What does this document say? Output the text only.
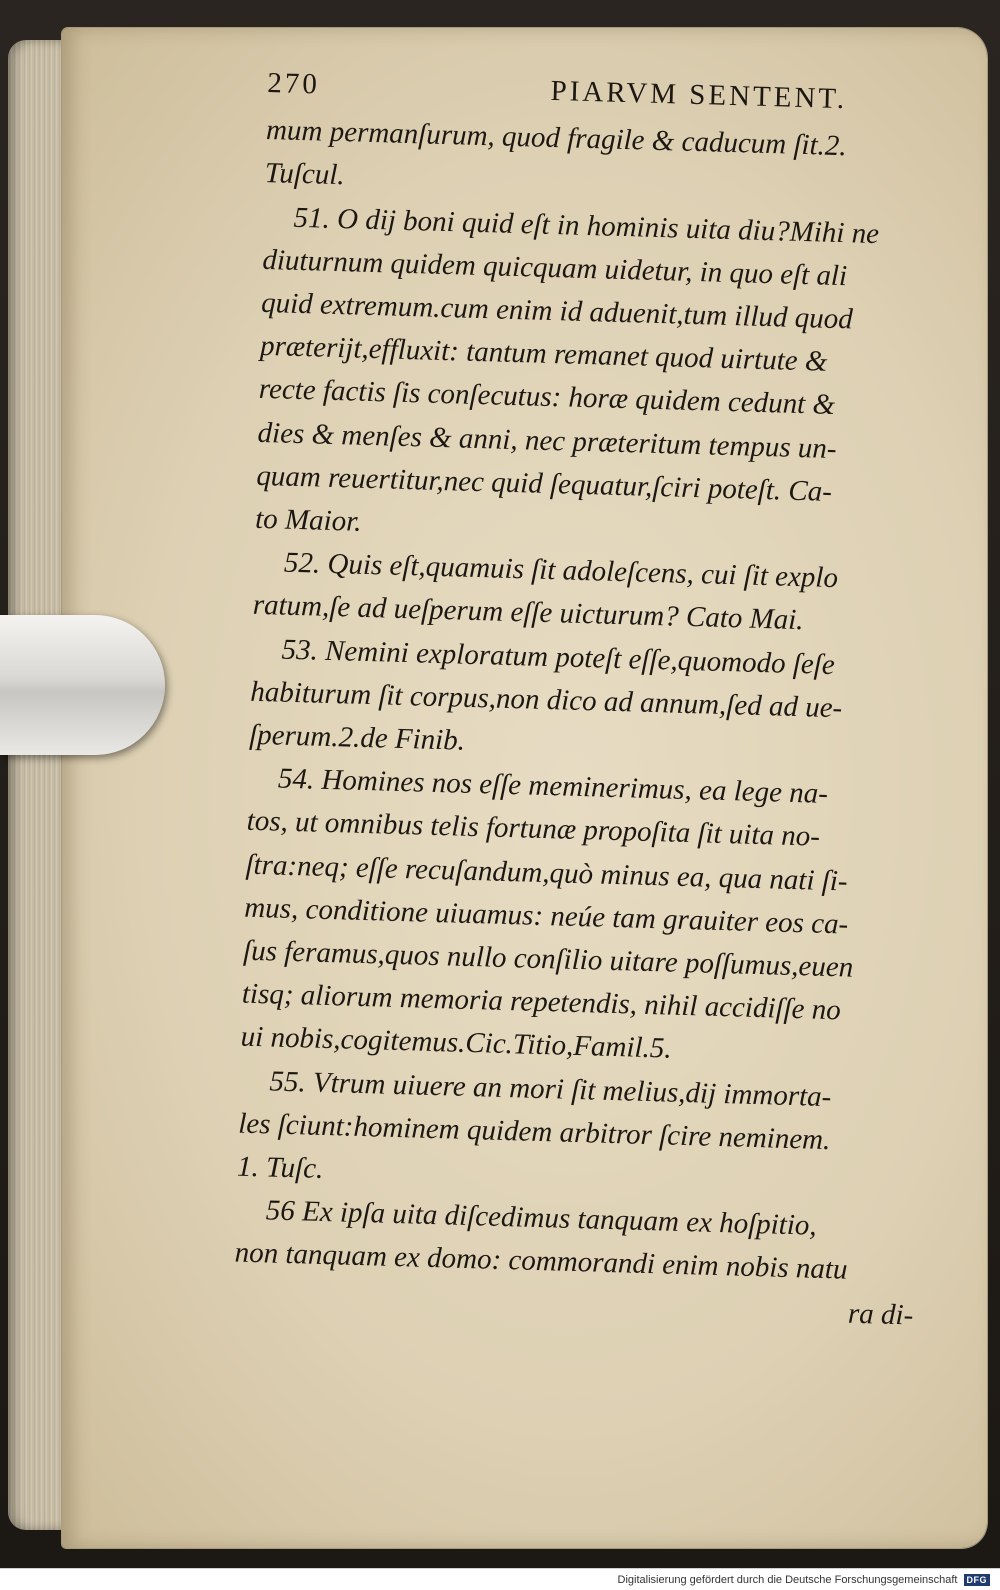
270	PIARVM SENTENT.
mum permanſurum, quod fragile & caducum ſit.2.
Tuſcul.
51. O dij boni quid eſt in hominis uita diu?Mihi ne
diuturnum quidem quicquam uidetur, in quo eſt ali
quid extremum.cum enim id aduenit,tum illud quod
præterijt,effluxit: tantum remanet quod uirtute &
recte factis ſis conſecutus: horæ quidem cedunt &
dies & menſes & anni, nec præteritum tempus un-
quam reuertitur,nec quid ſequatur,ſciri poteſt. Ca-
to Maior.
52. Quis eſt,quamuis ſit adoleſcens, cui ſit explo
ratum,ſe ad ueſperum eſſe uicturum? Cato Mai.
53. Nemini exploratum poteſt eſſe,quomodo ſeſe
habiturum ſit corpus,non dico ad annum,ſed ad ue-
ſperum.2.de Finib.
54. Homines nos eſſe meminerimus, ea lege na-
tos, ut omnibus telis fortunæ propoſita ſit uita no-
ſtra:neq; eſſe recuſandum,quò minus ea, qua nati ſi-
mus, conditione uiuamus: neúe tam grauiter eos ca-
ſus feramus,quos nullo conſilio uitare poſſumus,euen
tisq; aliorum memoria repetendis, nihil accidiſſe no
ui nobis,cogitemus.Cic.Titio,Famil.5.
55. Vtrum uiuere an mori ſit melius,dij immorta-
les ſciunt:hominem quidem arbitror ſcire neminem.
1. Tuſc.
56 Ex ipſa uita diſcedimus tanquam ex hoſpitio,
non tanquam ex domo: commorandi enim nobis natu
ra di-
Digitalisierung gefördert durch die Deutsche Forschungsgemeinschaft	DFG
